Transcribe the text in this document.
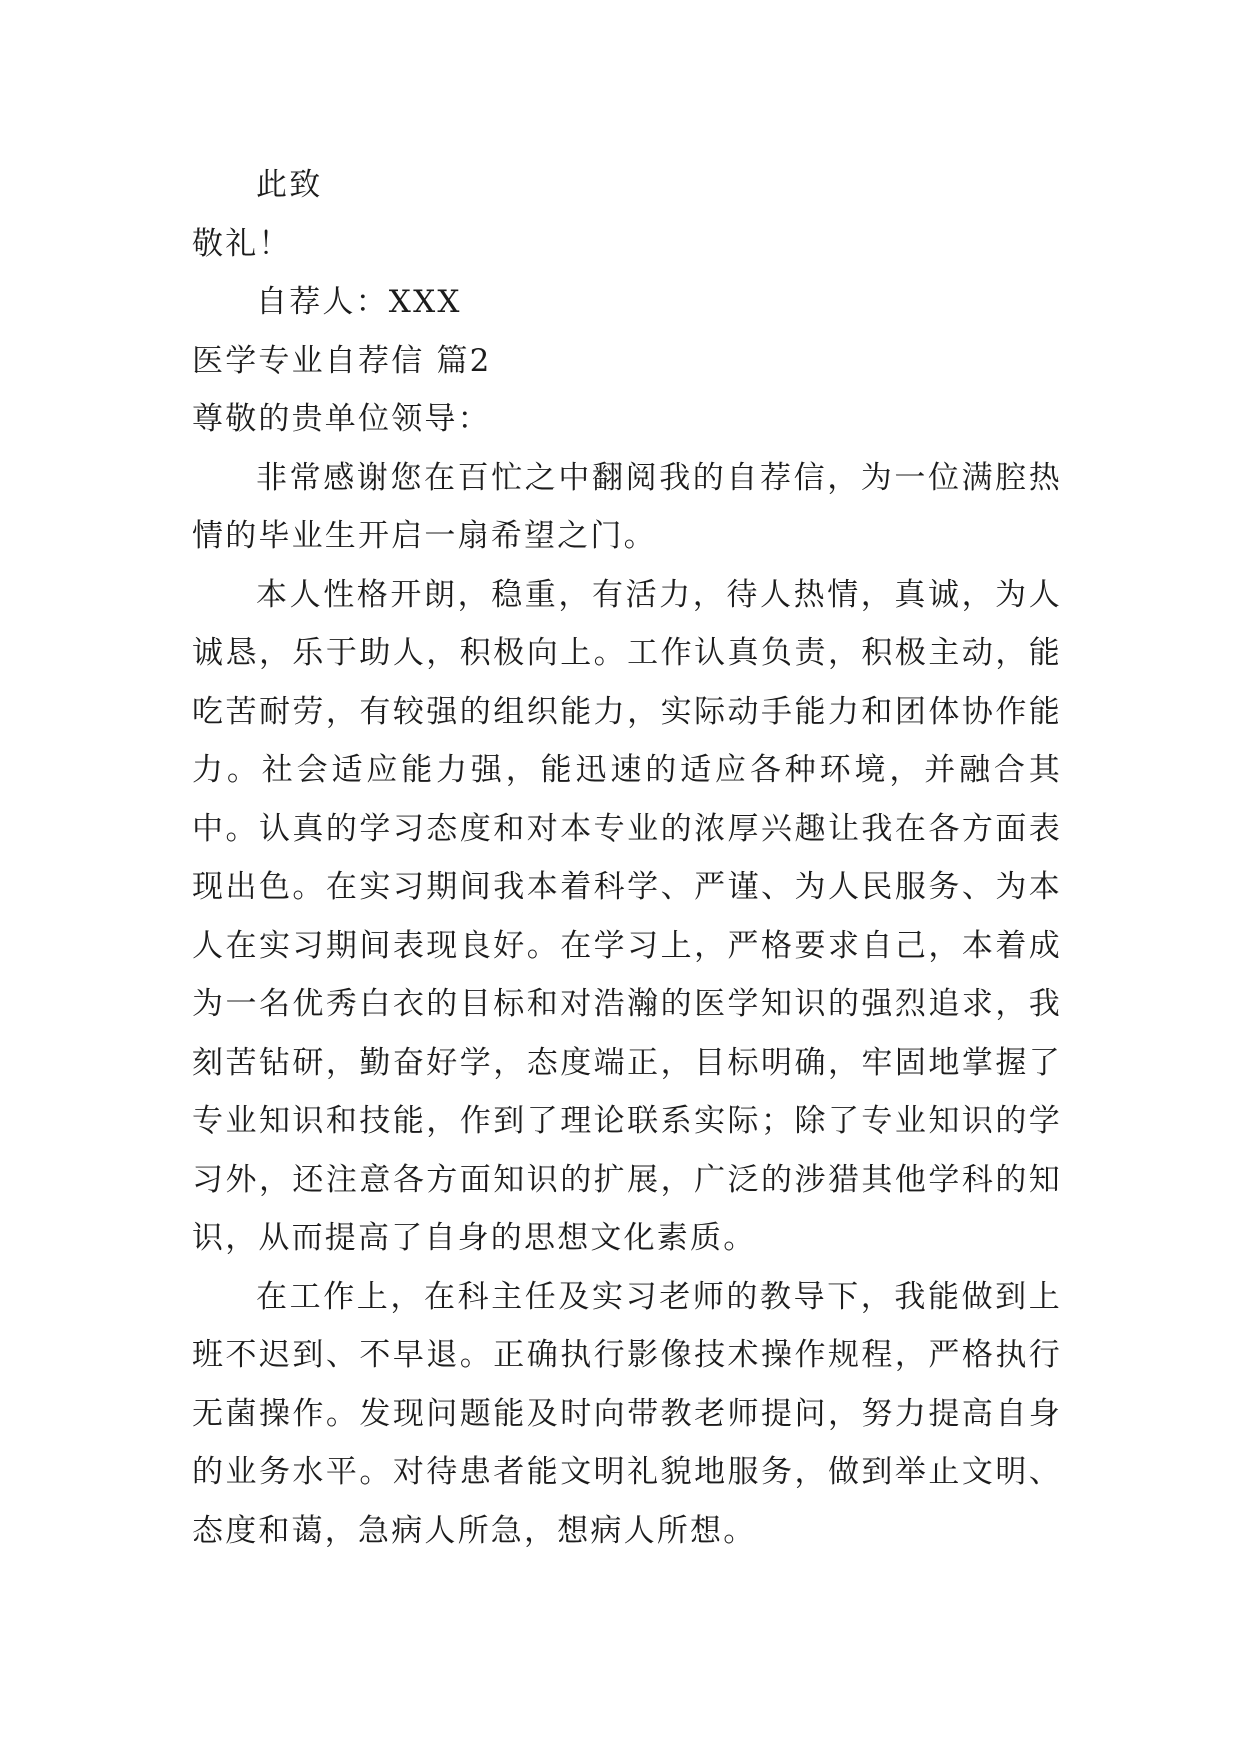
此致
敬礼！
自荐人：XXX
医学专业自荐信 篇2
尊敬的贵单位领导：

非常感谢您在百忙之中翻阅我的自荐信，为一位满腔热情的毕业生开启一扇希望之门。

本人性格开朗，稳重，有活力，待人热情，真诚，为人诚恳，乐于助人，积极向上。工作认真负责，积极主动，能吃苦耐劳，有较强的组织能力，实际动手能力和团体协作能力。社会适应能力强，能迅速的适应各种环境，并融合其中。认真的学习态度和对本专业的浓厚兴趣让我在各方面表现出色。在实习期间我本着科学、严谨、为人民服务、为本人在实习期间表现良好。在学习上，严格要求自己，本着成为一名优秀白衣的目标和对浩瀚的医学知识的强烈追求，我刻苦钻研，勤奋好学，态度端正，目标明确，牢固地掌握了专业知识和技能，作到了理论联系实际；除了专业知识的学习外，还注意各方面知识的扩展，广泛的涉猎其他学科的知识，从而提高了自身的思想文化素质。

在工作上，在科主任及实习老师的教导下，我能做到上班不迟到、不早退。正确执行影像技术操作规程，严格执行无菌操作。发现问题能及时向带教老师提问，努力提高自身的业务水平。对待患者能文明礼貌地服务，做到举止文明、态度和蔼，急病人所急，想病人所想。
